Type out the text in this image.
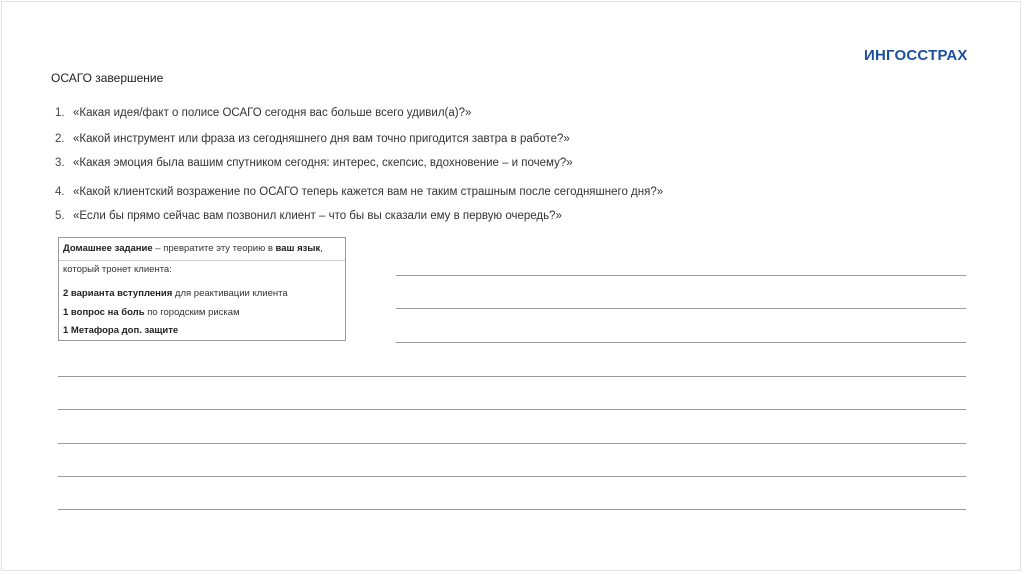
ИНГОССТРАХ
ОСАГО завершение
1. «Какая идея/факт о полисе ОСАГО сегодня вас больше всего удивил(а)?»
2. «Какой инструмент или фраза из сегодняшнего дня вам точно пригодится завтра в работе?»
3. «Какая эмоция была вашим спутником сегодня: интерес, скепсис, вдохновение – и почему?»
4. «Какой клиентский возражение по ОСАГО теперь кажется вам не таким страшным после сегодняшнего дня?»
5. «Если бы прямо сейчас вам позвонил клиент – что бы вы сказали ему в первую очередь?»
Домашнее задание – превратите эту теорию в ваш язык,
который тронет клиента:
2 варианта вступления для реактивации клиента
1 вопрос на боль по городским рискам
1 Метафора доп. защите
